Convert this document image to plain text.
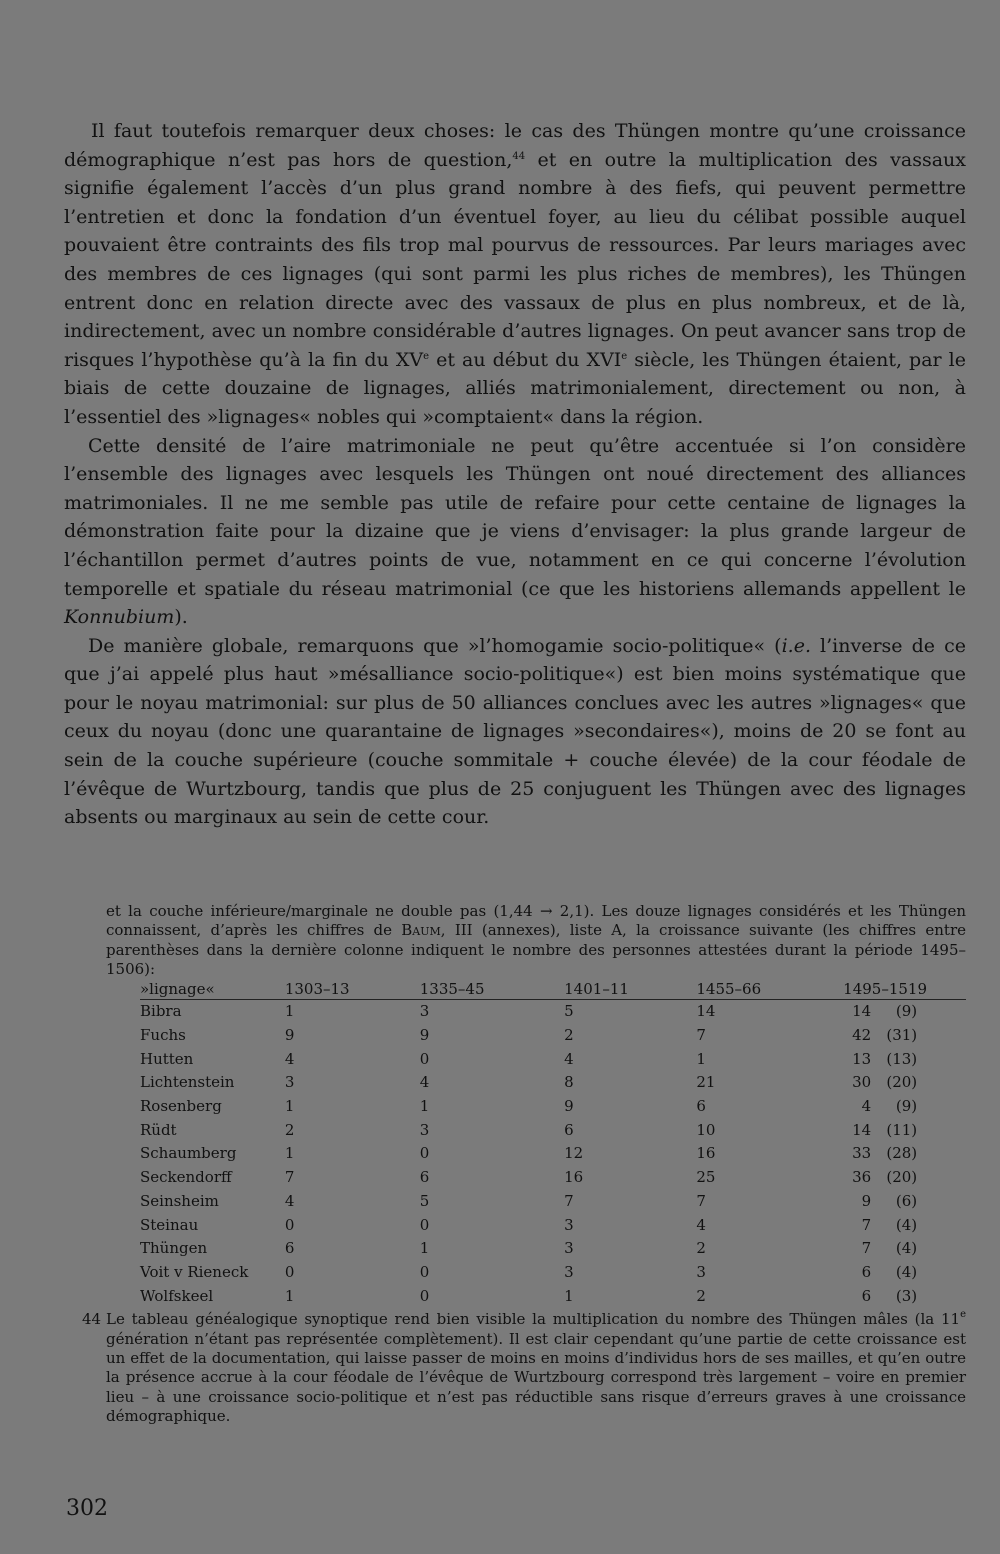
Il faut toutefois remarquer deux choses: le cas des Thüngen montre qu’une croissance démographique n’est pas hors de question,$^{44}$ et en outre la multiplication des vassaux signifie également l’accès d’un plus grand nombre à des fiefs, qui peuvent permettre l’entretien et donc la fondation d’un éventuel foyer, au lieu du célibat possible auquel pouvaient être contraints des fils trop mal pourvus de ressources. Par leurs mariages avec des membres de ces lignages (qui sont parmi les plus riches de membres), les Thüngen entrent donc en relation directe avec des vassaux de plus en plus nombreux, et de là, indirectement, avec un nombre considérable d’autres lignages. On peut avancer sans trop de risques l’hypothèse qu’à la fin du XVe et au début du XVIe siècle, les Thüngen étaient, par le biais de cette douzaine de lignages, alliés matrimonialement, directement ou non, à l’essentiel des »lignages« nobles qui »comptaient« dans la région.

Cette densité de l’aire matrimoniale ne peut qu’être accentuée si l’on considère l’ensemble des lignages avec lesquels les Thüngen ont noué directement des alliances matrimoniales. Il ne me semble pas utile de refaire pour cette centaine de lignages la démonstration faite pour la dizaine que je viens d’envisager: la plus grande largeur de l’échantillon permet d’autres points de vue, notamment en ce qui concerne l’évolution temporelle et spatiale du réseau matrimonial (ce que les historiens allemands appellent le Konnubium).

De manière globale, remarquons que »l’homogamie socio-politique« (i.e. l’inverse de ce que j’ai appelé plus haut »mésalliance socio-politique«) est bien moins systématique que pour le noyau matrimonial: sur plus de 50 alliances conclues avec les autres »lignages« que ceux du noyau (donc une quarantaine de lignages »secondaires«), moins de 20 se font au sein de la couche supérieure (couche sommitale + couche élevée) de la cour féodale de l’évêque de Wurtzbourg, tandis que plus de 25 conjuguent les Thüngen avec des lignages absents ou marginaux au sein de cette cour.

et la couche inférieure/marginale ne double pas (1,44 → 2,1). Les douze lignages considérés et les Thüngen connaissent, d’après les chiffres de Baum, III (annexes), liste A, la croissance suivante (les chiffres entre parenthèses dans la dernière colonne indiquent le nombre des personnes attestées durant la période 1495–1506):
»lignage«	1303–13	1335–45	1401–11	1455–66	1495–1519
Bibra	1	3	5	14	14 (9)
Fuchs	9	9	2	7	42 (31)
Hutten	4	0	4	1	13 (13)
Lichtenstein	3	4	8	21	30 (20)
Rosenberg	1	1	9	6	4 (9)
Rüdt	2	3	6	10	14 (11)
Schaumberg	1	0	12	16	33 (28)
Seckendorff	7	6	16	25	36 (20)
Seinsheim	4	5	7	7	9 (6)
Steinau	0	0	3	4	7 (4)
Thüngen	6	1	3	2	7 (4)
Voit v Rieneck	0	0	3	3	6 (4)
Wolfskeel	1	0	1	2	6 (3)
44 Le tableau généalogique synoptique rend bien visible la multiplication du nombre des Thüngen mâles (la 11e génération n’étant pas représentée complètement). Il est clair cependant qu’une partie de cette croissance est un effet de la documentation, qui laisse passer de moins en moins d’individus hors de ses mailles, et qu’en outre la présence accrue à la cour féodale de l’évêque de Wurtzbourg correspond très largement – voire en premier lieu – à une croissance socio-politique et n’est pas réductible sans risque d’erreurs graves à une croissance démographique.
302
